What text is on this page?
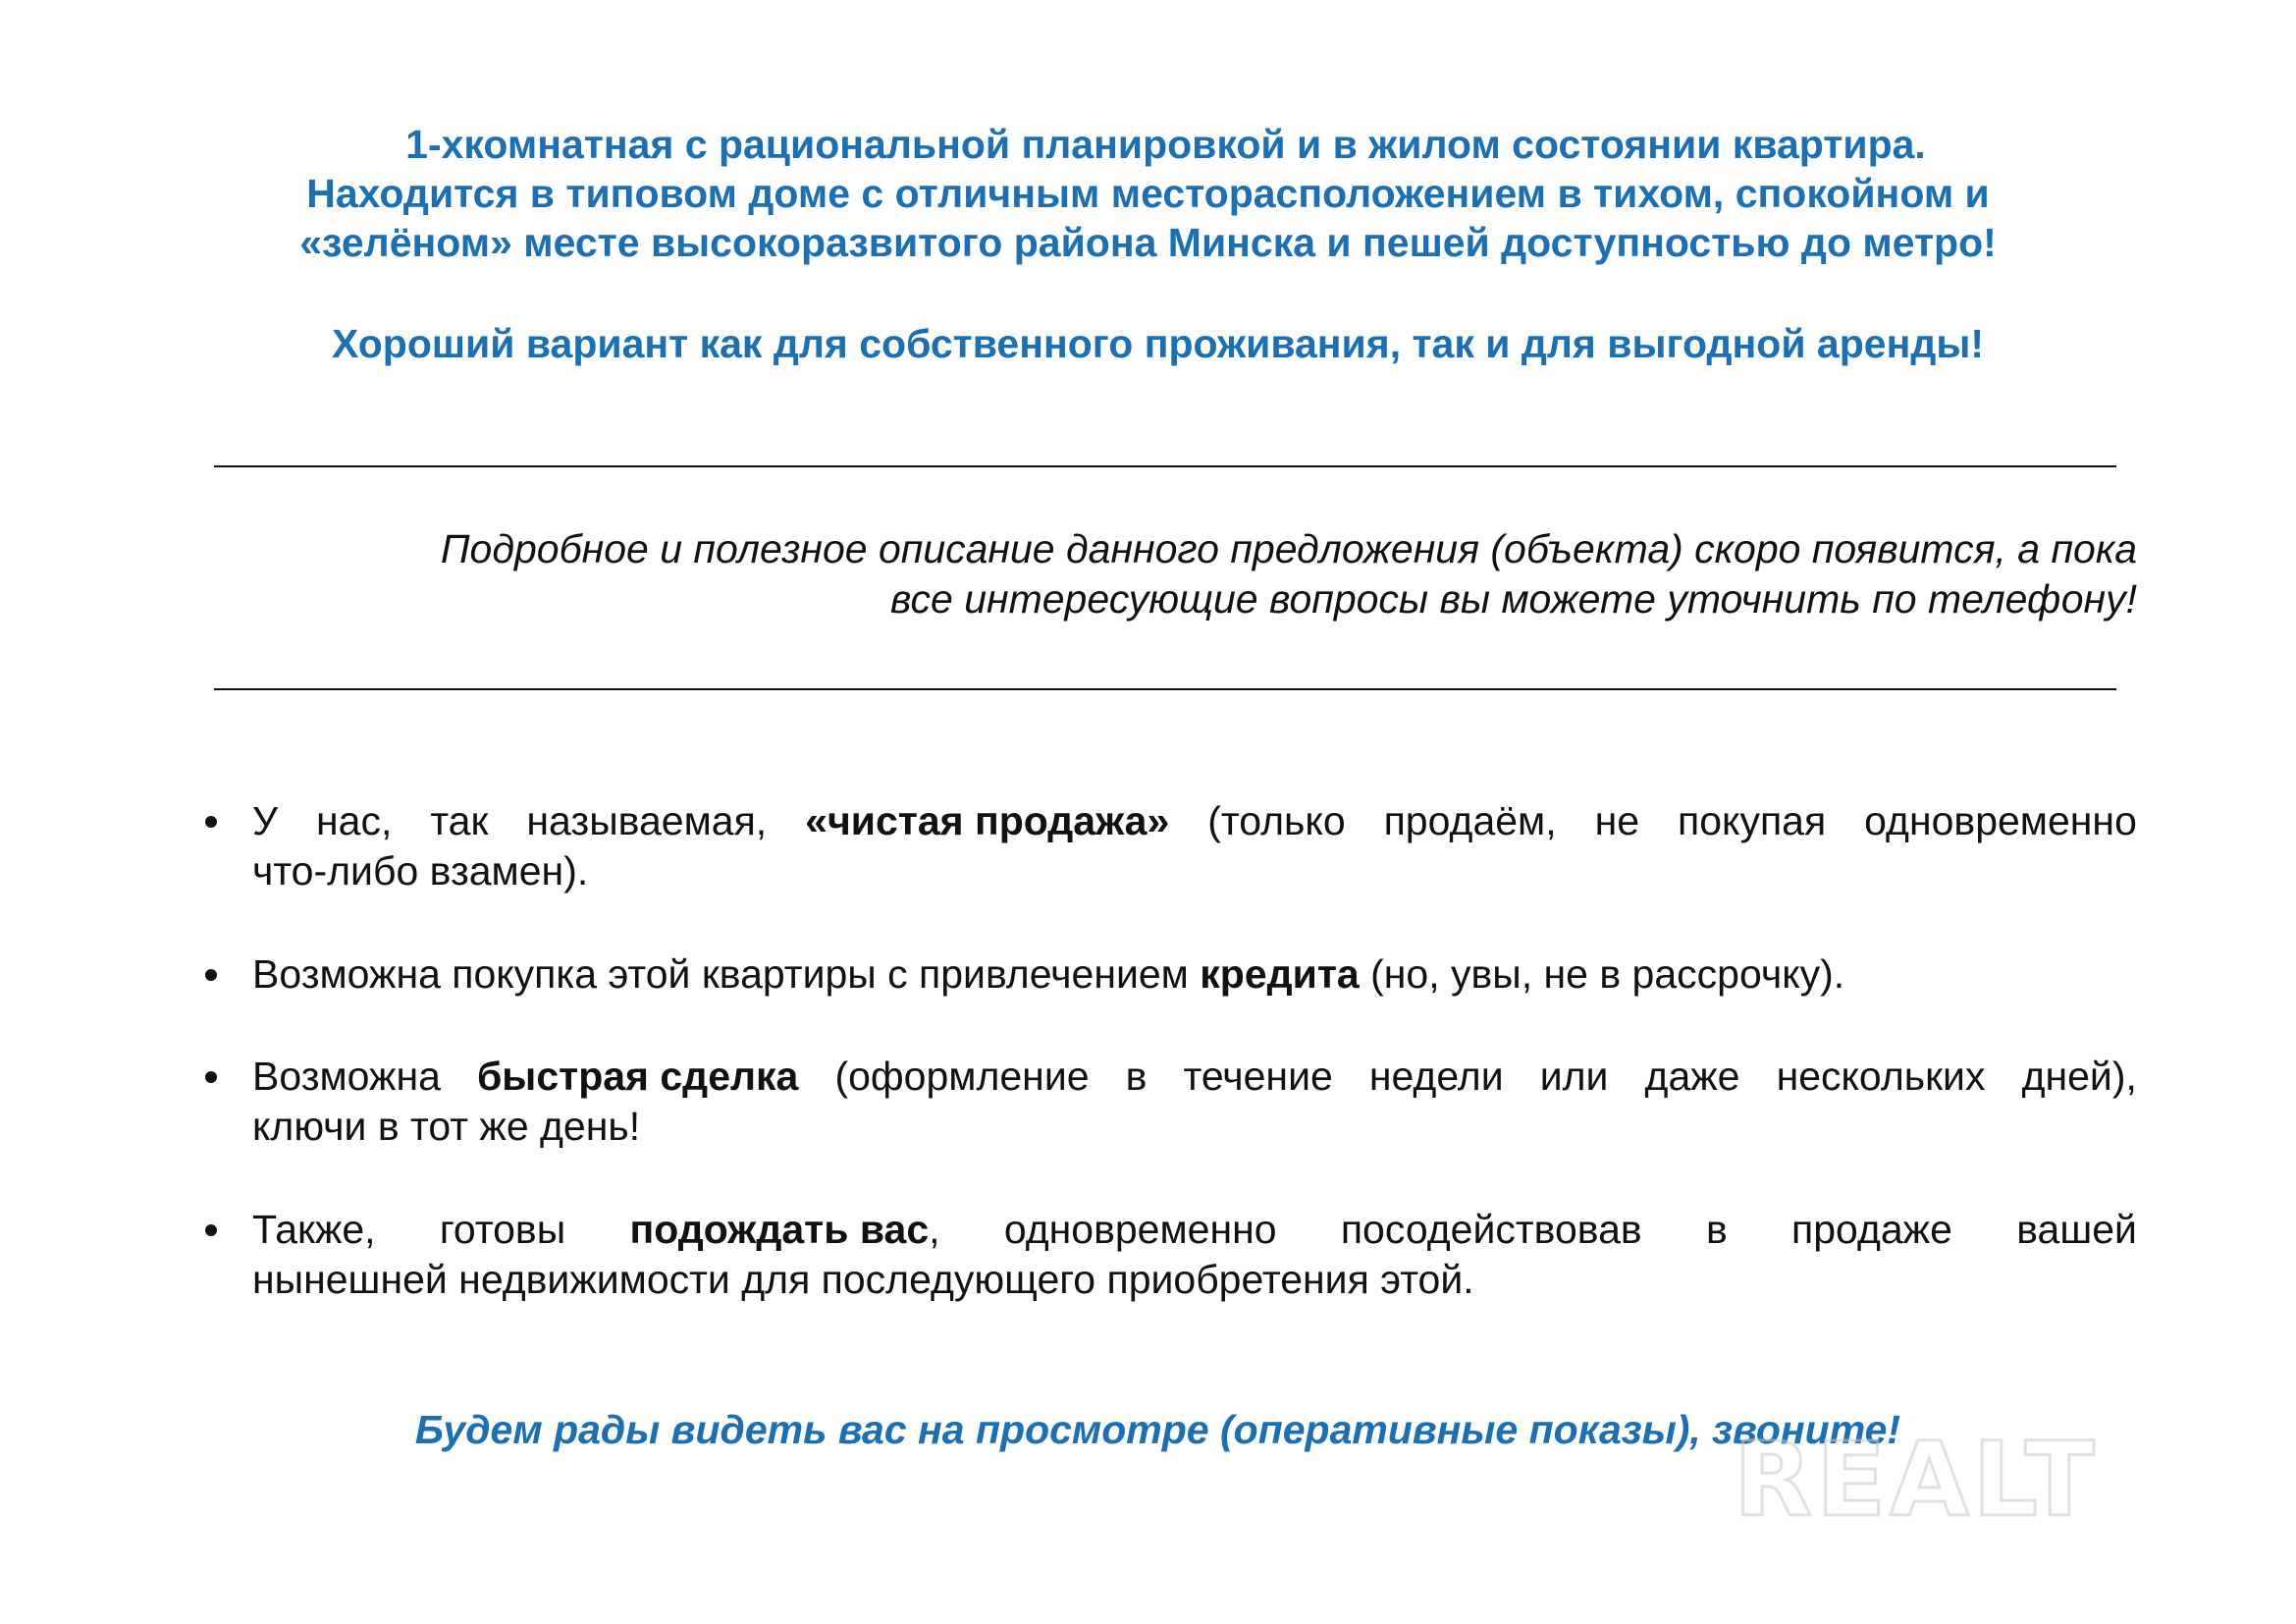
1-хкомнатная с рациональной планировкой и в жилом состоянии квартира.
Находится в типовом доме с отличным месторасположением в тихом, спокойном и
«зелёном» месте высокоразвитого района Минска и пешей доступностью до метро!
Хороший вариант как для собственного проживания, так и для выгодной аренды!
Подробное и полезное описание данного предложения (объекта) скоро появится, а пока
все интересующие вопросы вы можете уточнить по телефону!
У нас, так называемая, «чистая продажа» (только продаём, не покупая одновременно
что-либо взамен).
Возможна покупка этой квартиры с привлечением кредита (но, увы, не в рассрочку).
Возможна быстрая сделка (оформление в течение недели или даже нескольких дней),
ключи в тот же день!
Также, готовы подождать вас, одновременно посодействовав в продаже вашей
нынешней недвижимости для последующего приобретения этой.
Будем рады видеть вас на просмотре (оперативные показы), звоните!
REALT
